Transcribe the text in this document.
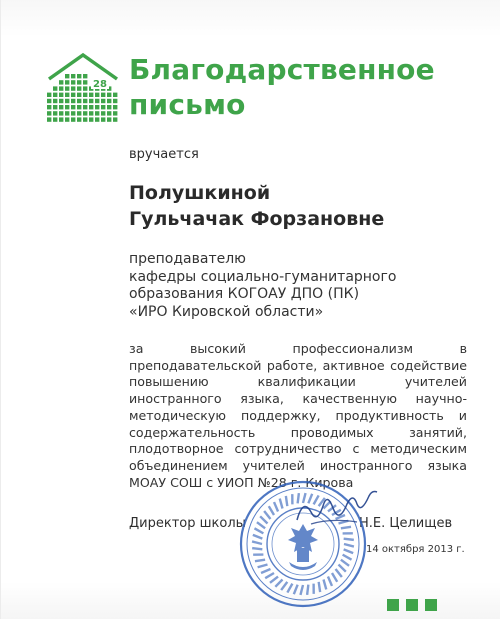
28 Благодарственное
письмо
вручается
Полушкиной
Гульчачак Форзановне
преподавателю
кафедры социально-гуманитарного
образования КОГОАУ ДПО (ПК)
«ИРО Кировской области»

за высокий профессионализм в преподавательской работе, активное содействие повышению квалификации учителей иностранного языка, качественную научно-методическую поддержку, продуктивность и содержательность проводимых занятий, плодотворное сотрудничество с методическим объединением учителей иностранного языка МОАУ СОШ с УИОП №28 г. Кирова

Директор школы	Н.Е. Целищев
14 октября 2013 г.
